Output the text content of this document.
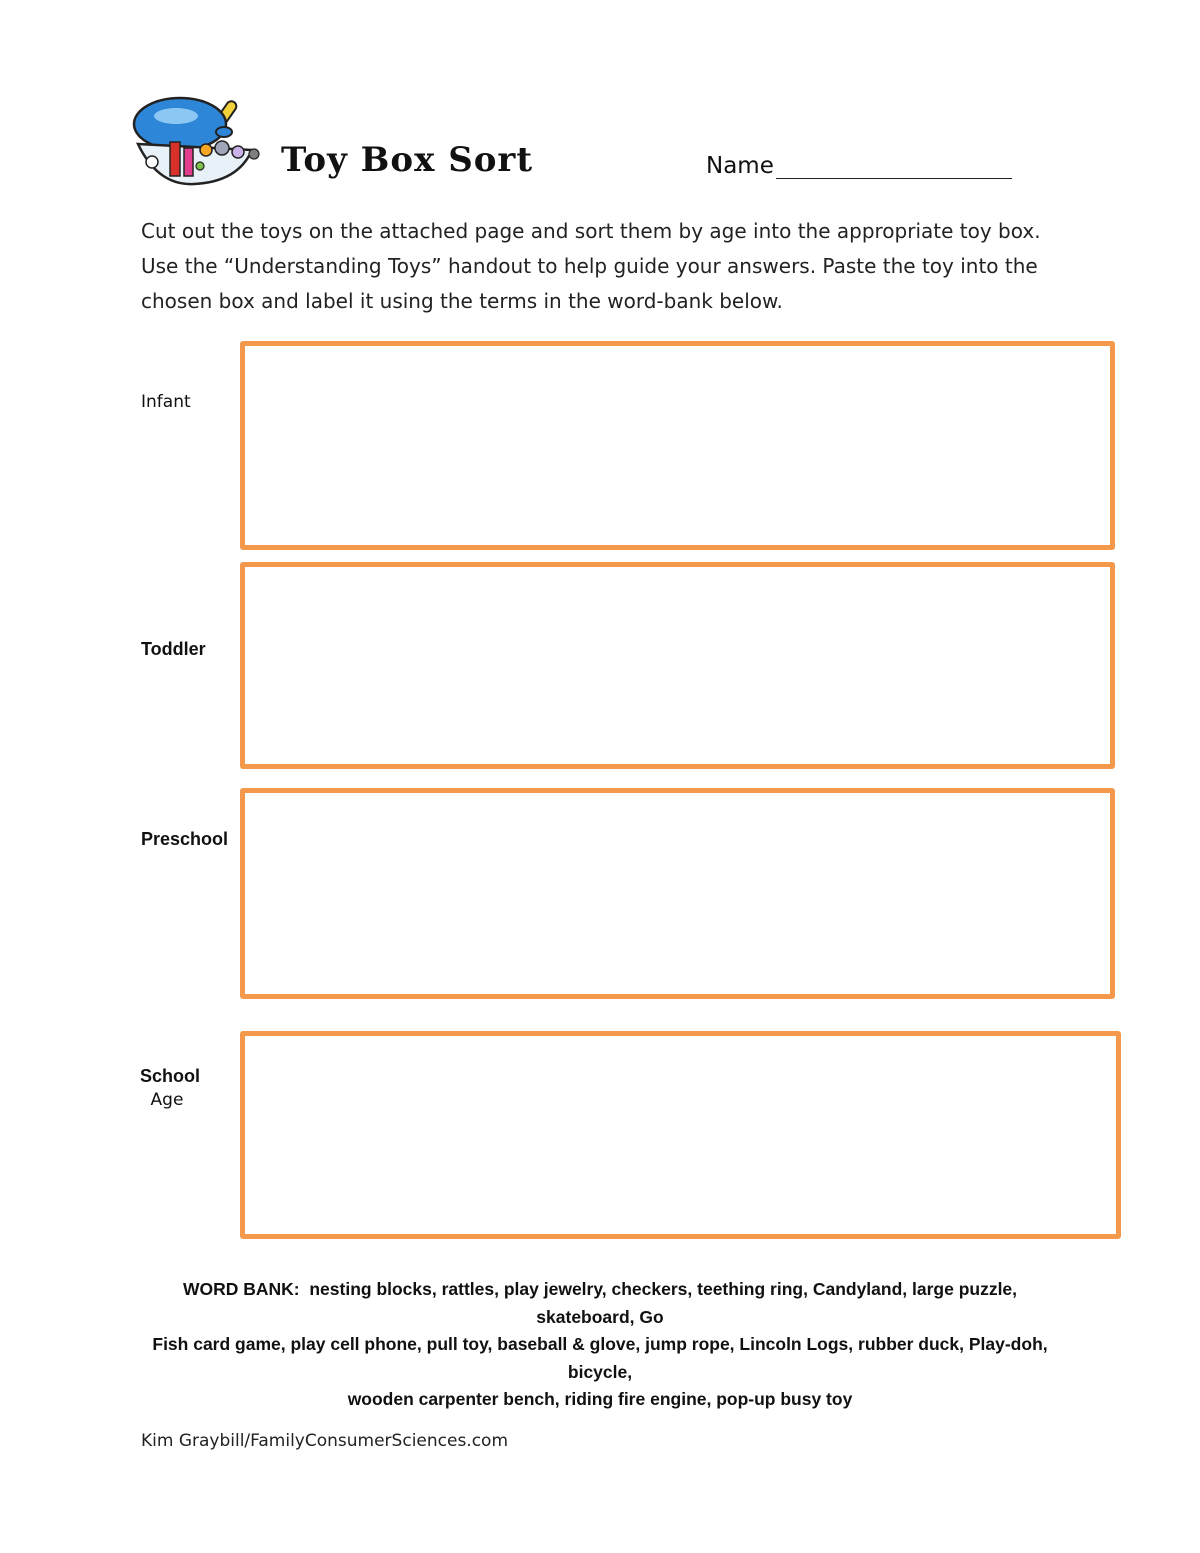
Toy Box Sort	Name

Cut out the toys on the attached page and sort them by age into the appropriate toy box.

Use the “Understanding Toys” handout to help guide your answers. Paste the toy into the

chosen box and label it using the terms in the word-bank below.

Infant
Toddler
Preschool
School
Age
WORD BANK: nesting blocks, rattles, play jewelry, checkers, teething ring, Candyland, large puzzle, skateboard, Go
Fish card game, play cell phone, pull toy, baseball & glove, jump rope, Lincoln Logs, rubber duck, Play-doh, bicycle,
wooden carpenter bench, riding fire engine, pop-up busy toy
Kim Graybill/FamilyConsumerSciences.com
